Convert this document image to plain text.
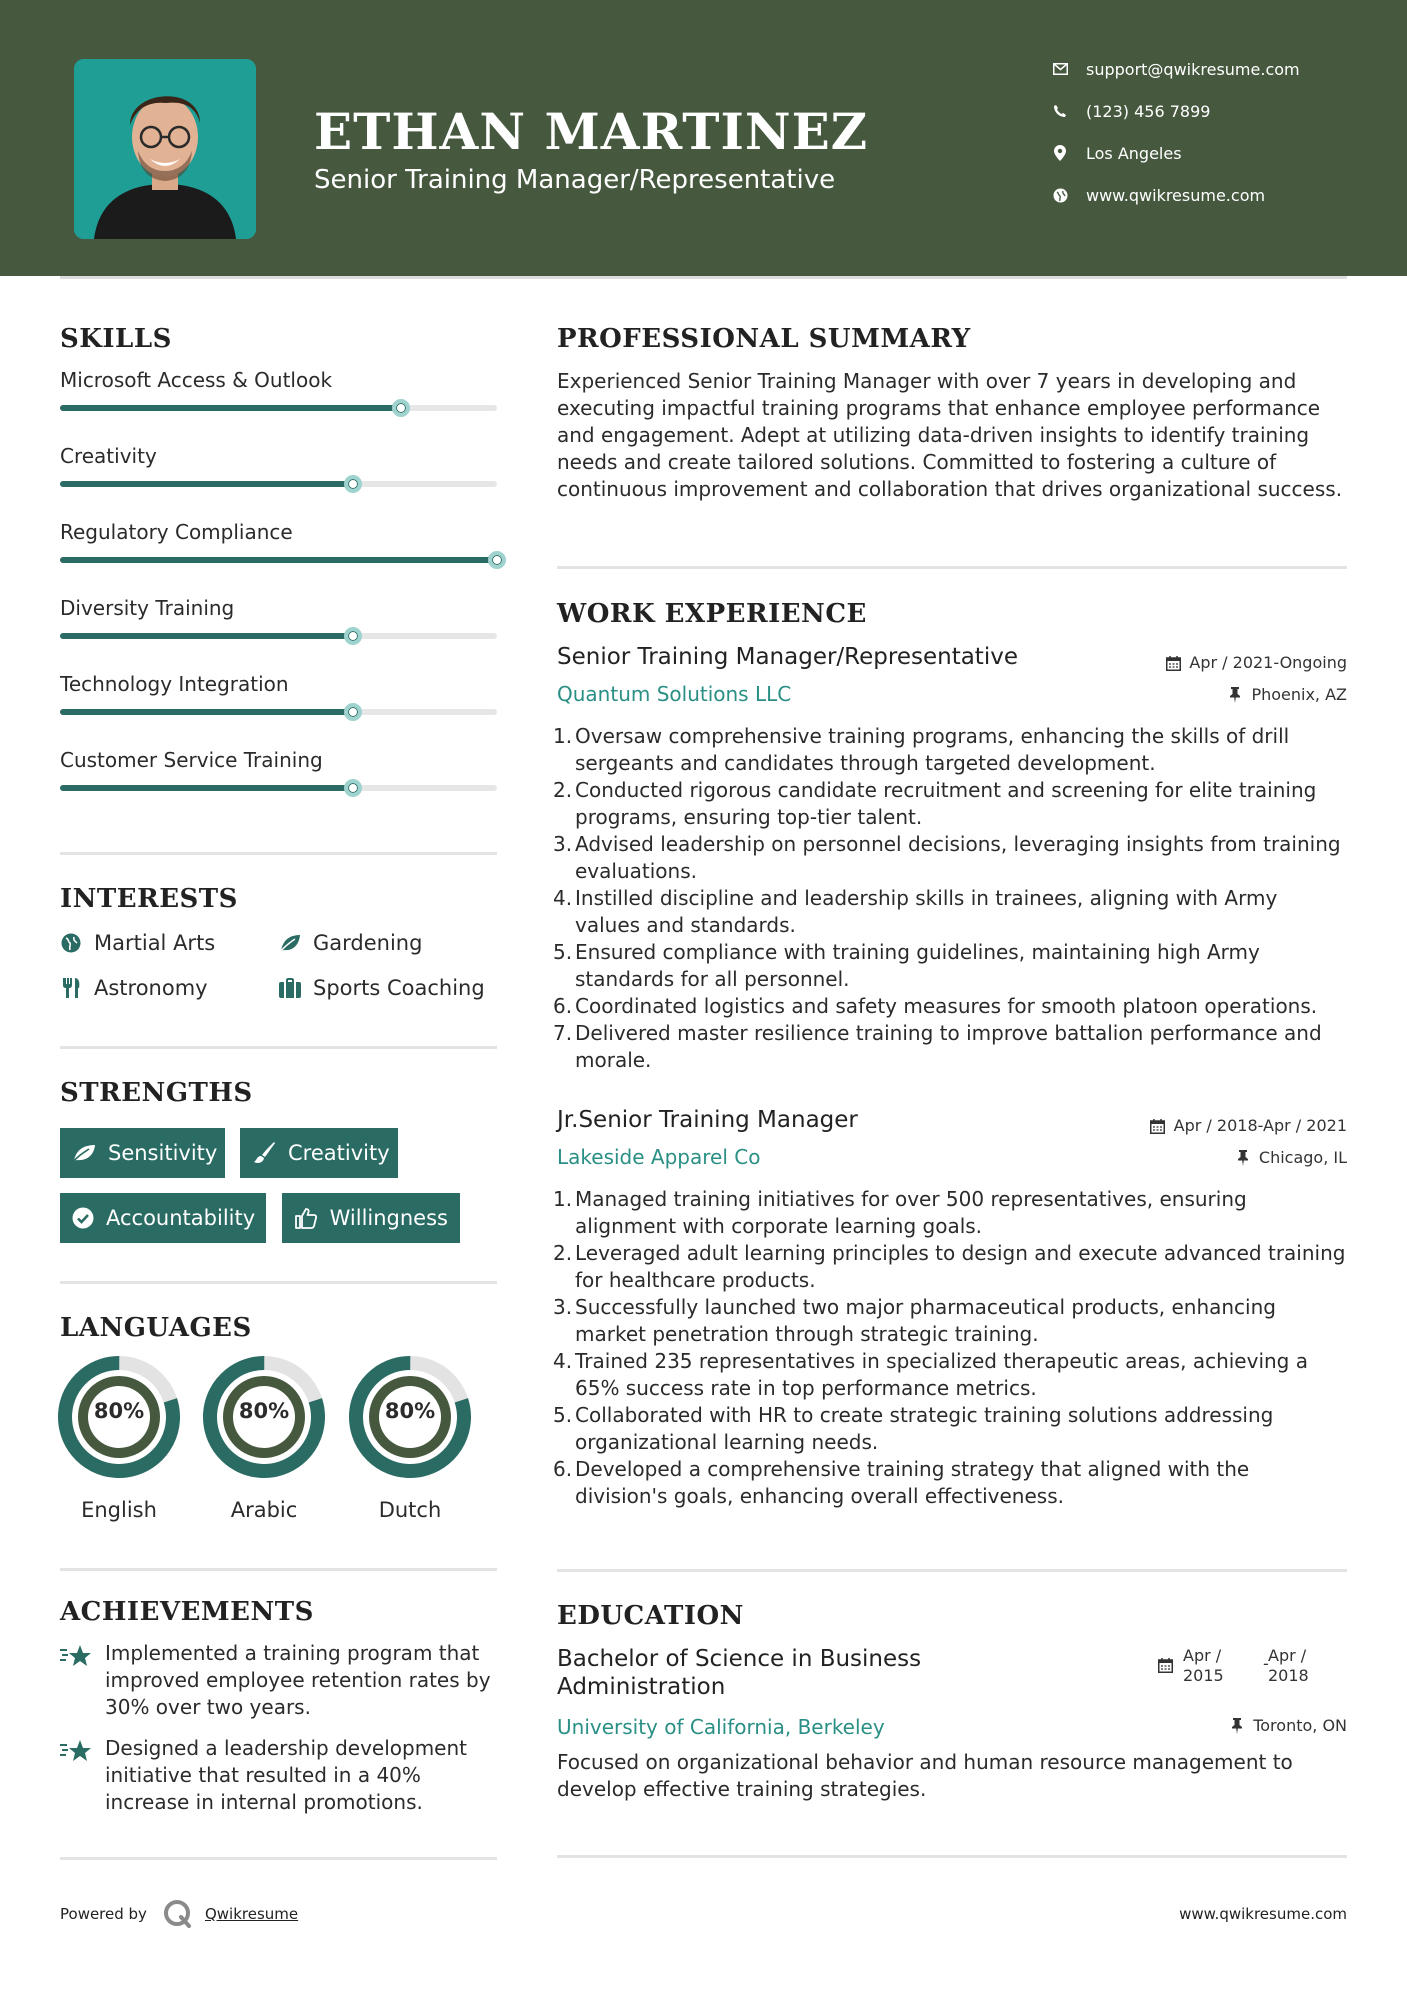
ETHAN MARTINEZ
Senior Training Manager/Representative
support@qwikresume.com
(123) 456 7899
Los Angeles
www.qwikresume.com
SKILLS
Microsoft Access & Outlook
Creativity
Regulatory Compliance
Diversity Training
Technology Integration
Customer Service Training
INTERESTS
Martial Arts	Gardening
Astronomy	Sports Coaching
STRENGTHS
Sensitivity	Creativity
Accountability	Willingness
LANGUAGES
80%
English
80%
Arabic
80%
Dutch
ACHIEVEMENTS
Implemented a training program that improved employee retention rates by 30% over two years.
Designed a leadership development initiative that resulted in a 40% increase in internal promotions.
PROFESSIONAL SUMMARY
Experienced Senior Training Manager with over 7 years in developing and executing impactful training programs that enhance employee performance and engagement. Adept at utilizing data-driven insights to identify training needs and create tailored solutions. Committed to fostering a culture of continuous improvement and collaboration that drives organizational success.
WORK EXPERIENCE
Senior Training Manager/Representative	Apr / 2021-Ongoing
Quantum Solutions LLC	Phoenix, AZ
1. Oversaw comprehensive training programs, enhancing the skills of drill sergeants and candidates through targeted development.
2. Conducted rigorous candidate recruitment and screening for elite training programs, ensuring top-tier talent.
3. Advised leadership on personnel decisions, leveraging insights from training evaluations.
4. Instilled discipline and leadership skills in trainees, aligning with Army values and standards.
5. Ensured compliance with training guidelines, maintaining high Army standards for all personnel.
6. Coordinated logistics and safety measures for smooth platoon operations.
7. Delivered master resilience training to improve battalion performance and morale.
Jr.Senior Training Manager	Apr / 2018-Apr / 2021
Lakeside Apparel Co	Chicago, IL
1. Managed training initiatives for over 500 representatives, ensuring alignment with corporate learning goals.
2. Leveraged adult learning principles to design and execute advanced training for healthcare products.
3. Successfully launched two major pharmaceutical products, enhancing market penetration through strategic training.
4. Trained 235 representatives in specialized therapeutic areas, achieving a 65% success rate in top performance metrics.
5. Collaborated with HR to create strategic training solutions addressing organizational learning needs.
6. Developed a comprehensive training strategy that aligned with the division's goals, enhancing overall effectiveness.
EDUCATION
Bachelor of Science in Business Administration
Apr / 2015
- Apr / 2018
University of California, Berkeley	Toronto, ON
Focused on organizational behavior and human resource management to develop effective training strategies.
Powered by	Qwikresume	www.qwikresume.com
